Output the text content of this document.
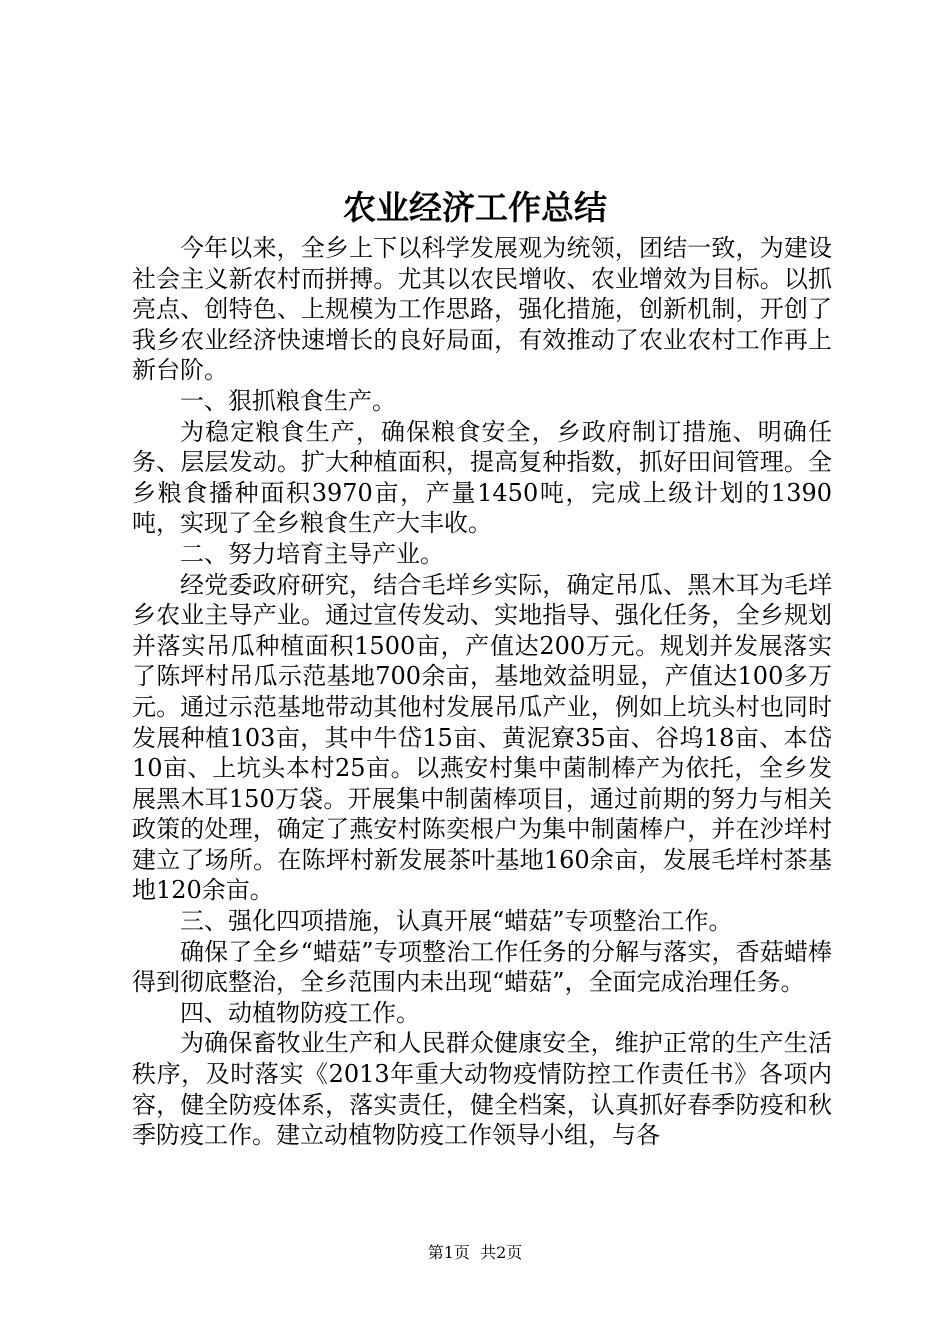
农业经济工作总结

今年以来，全乡上下以科学发展观为统领，团结一致，为建设社会主义新农村而拼搏。尤其以农民增收、农业增效为目标。以抓亮点、创特色、上规模为工作思路，强化措施，创新机制，开创了我乡农业经济快速增长的良好局面，有效推动了农业农村工作再上新台阶。

一、狠抓粮食生产。

为稳定粮食生产，确保粮食安全，乡政府制订措施、明确任务、层层发动。扩大种植面积，提高复种指数，抓好田间管理。全乡粮食播种面积3970亩，产量1450吨，完成上级计划的1390吨，实现了全乡粮食生产大丰收。

二、努力培育主导产业。

经党委政府研究，结合毛垟乡实际，确定吊瓜、黑木耳为毛垟乡农业主导产业。通过宣传发动、实地指导、强化任务，全乡规划并落实吊瓜种植面积1500亩，产值达200万元。规划并发展落实了陈坪村吊瓜示范基地700余亩，基地效益明显，产值达100多万元。通过示范基地带动其他村发展吊瓜产业，例如上坑头村也同时发展种植103亩，其中牛岱15亩、黄泥寮35亩、谷坞18亩、本岱10亩、上坑头本村25亩。以燕安村集中菌制棒产为依托，全乡发展黑木耳150万袋。开展集中制菌棒项目，通过前期的努力与相关政策的处理，确定了燕安村陈奕根户为集中制菌棒户，并在沙垟村建立了场所。在陈坪村新发展茶叶基地160余亩，发展毛垟村茶基地120余亩。

三、强化四项措施，认真开展“蜡菇”专项整治工作。

确保了全乡“蜡菇”专项整治工作任务的分解与落实，香菇蜡棒得到彻底整治，全乡范围内未出现“蜡菇”，全面完成治理任务。

四、动植物防疫工作。

为确保畜牧业生产和人民群众健康安全，维护正常的生产生活秩序，及时落实《2013年重大动物疫情防控工作责任书》各项内容，健全防疫体系，落实责任，健全档案，认真抓好春季防疫和秋季防疫工作。建立动植物防疫工作领导小组，与各

第1页  共2页
